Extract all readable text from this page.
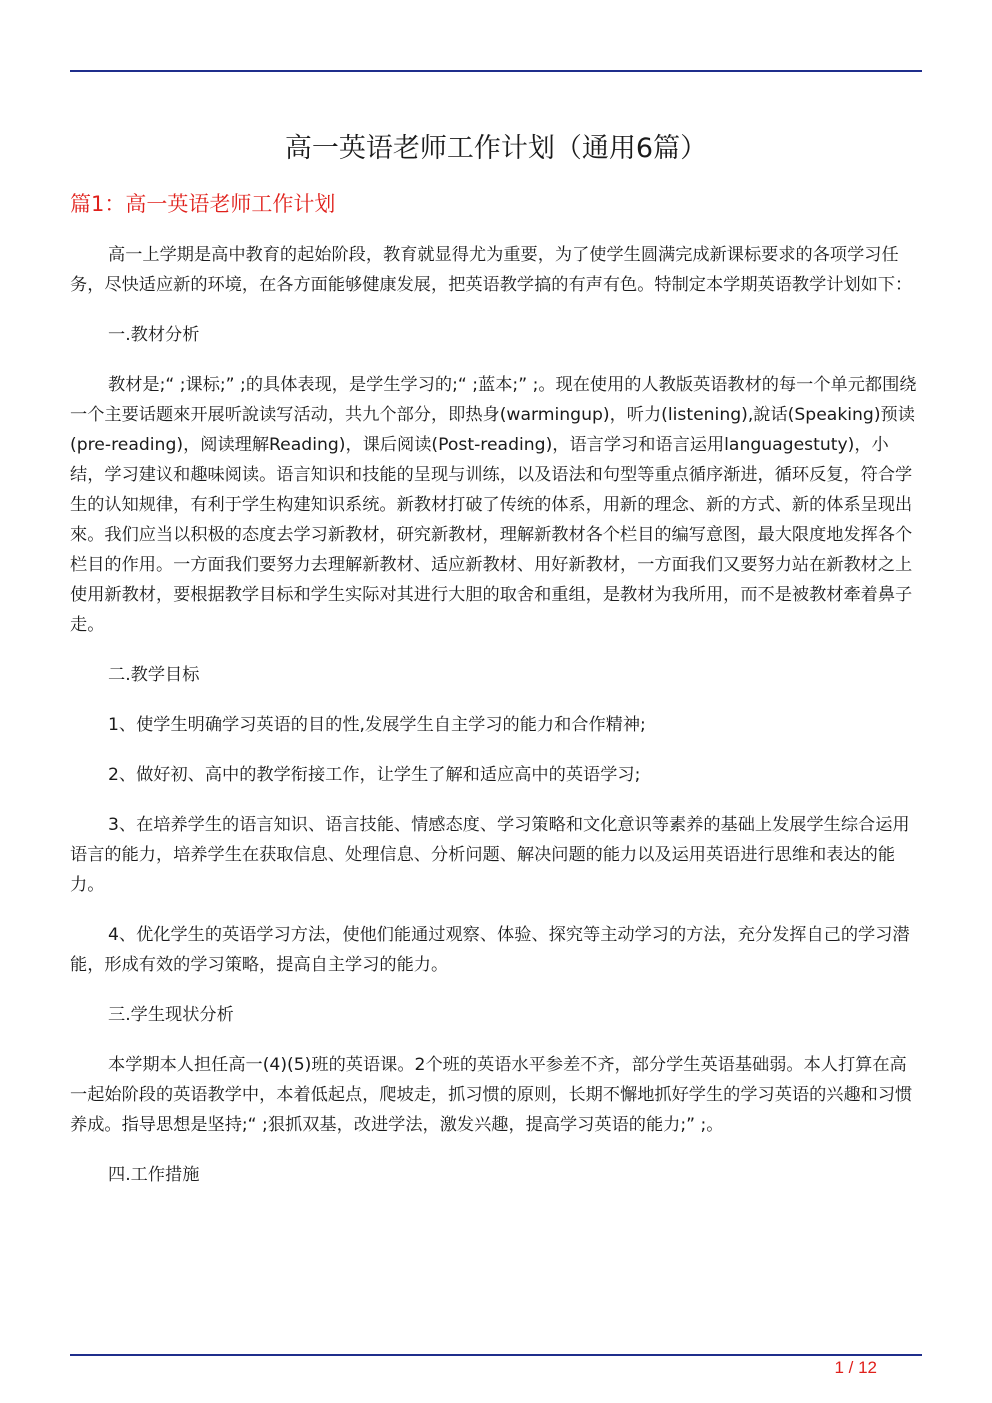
高一英语老师工作计划（通用6篇）
篇1：高一英语老师工作计划

高一上学期是高中教育的起始阶段，教育就显得尤为重要，为了使学生圆满完成新课标要求的各项学习任务，尽快适应新的环境，在各方面能够健康发展，把英语教学搞的有声有色。特制定本学期英语教学计划如下：

一.教材分析

教材是;“ ;课标;” ;的具体表现，是学生学习的;“ ;蓝本;” ;。现在使用的人教版英语教材的每一个单元都围绕一个主要话题來开展听說读写活动，共九个部分，即热身(warmingup)，听力(listening),說话(Speaking)预读(pre-reading)，阅读理解Reading)，课后阅读(Post-reading)，语言学习和语言运用languagestuty)，小结，学习建议和趣味阅读。语言知识和技能的呈现与训练，以及语法和句型等重点循序渐进，循环反复，符合学生的认知规律，有利于学生构建知识系统。新教材打破了传统的体系，用新的理念、新的方式、新的体系呈现出來。我们应当以积极的态度去学习新教材，研究新教材，理解新教材各个栏目的编写意图，最大限度地发挥各个栏目的作用。一方面我们要努力去理解新教材、适应新教材、用好新教材，一方面我们又要努力站在新教材之上使用新教材，要根据教学目标和学生实际对其进行大胆的取舍和重组，是教材为我所用，而不是被教材牽着鼻子走。

二.教学目标

1、使学生明确学习英语的目的性,发展学生自主学习的能力和合作精神;

2、做好初、高中的教学衔接工作，让学生了解和适应高中的英语学习;

3、在培养学生的语言知识、语言技能、情感态度、学习策略和文化意识等素养的基础上发展学生综合运用语言的能力，培养学生在获取信息、处理信息、分析问题、解决问题的能力以及运用英语进行思维和表达的能力。

4、优化学生的英语学习方法，使他们能通过观察、体验、探究等主动学习的方法，充分发挥自己的学习潜能，形成有效的学习策略，提高自主学习的能力。

三.学生现状分析

本学期本人担任高一(4)(5)班的英语课。2个班的英语水平参差不齐，部分学生英语基础弱。本人打算在高一起始阶段的英语教学中，本着低起点，爬坡走，抓习惯的原则，长期不懈地抓好学生的学习英语的兴趣和习惯养成。指导思想是坚持;“ ;狠抓双基，改进学法，激发兴趣，提高学习英语的能力;” ;。

四.工作措施

1 / 12
